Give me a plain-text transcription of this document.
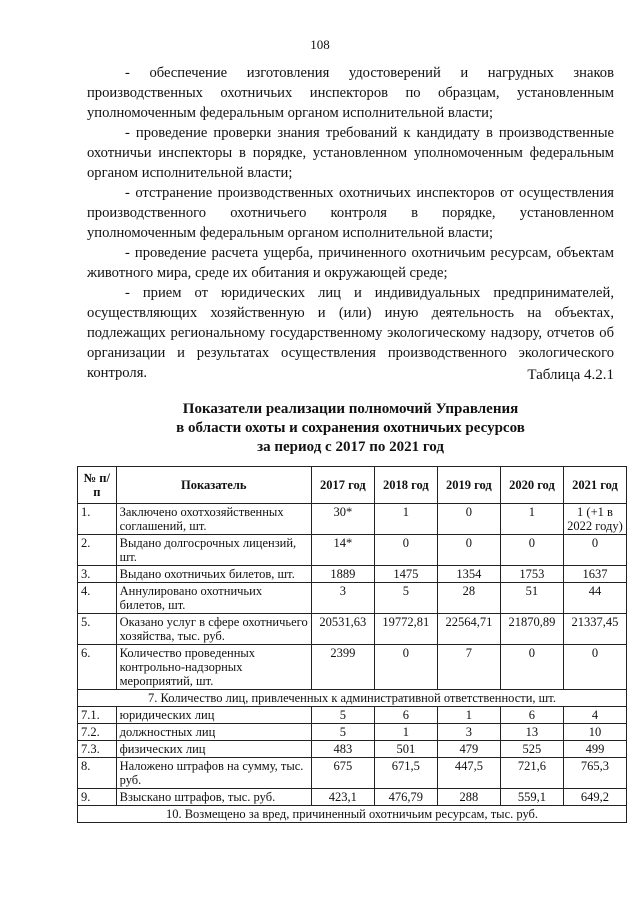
108

- обеспечение изготовления удостоверений и нагрудных знаков производственных охотничьих инспекторов по образцам, установленным уполномоченным федеральным органом исполнительной власти;

- проведение проверки знания требований к кандидату в производственные охотничьи инспекторы в порядке, установленном уполномоченным федеральным органом исполнительной власти;

- отстранение производственных охотничьих инспекторов от осуществления производственного охотничьего контроля в порядке, установленном уполномоченным федеральным органом исполнительной власти;

- проведение расчета ущерба, причиненного охотничьим ресурсам, объектам животного мира, среде их обитания и окружающей среде;

- прием от юридических лиц и индивидуальных предпринимателей, осуществляющих хозяйственную и (или) иную деятельность на объектах, подлежащих региональному государственному экологическому надзору, отчетов об организации и результатах осуществления производственного экологического контроля.	Таблица 4.2.1
Показатели реализации полномочий Управления
в области охоты и сохранения охотничьих ресурсов
за период с 2017 по 2021 год
№ п/п	Показатель	2017 год	2018 год	2019 год	2020 год	2021 год
1.	Заключено охотхозяйственных соглашений, шт.	30*	1	0	1	1 (+1 в 2022 году)
2.	Выдано долгосрочных лицензий, шт.	14*	0	0	0	0
3.	Выдано охотничьих билетов, шт.	1889	1475	1354	1753	1637
4.	Аннулировано охотничьих билетов, шт.	3	5	28	51	44
5.	Оказано услуг в сфере охотничьего хозяйства, тыс. руб.	20531,63	19772,81	22564,71	21870,89	21337,45
6.	Количество проведенных контрольно-надзорных мероприятий, шт.	2399	0	7	0	0
7. Количество лиц, привлеченных к административной ответственности, шт.						
7.1.	юридических лиц	5	6	1	6	4
7.2.	должностных лиц	5	1	3	13	10
7.3.	физических лиц	483	501	479	525	499
8.	Наложено штрафов на сумму, тыс. руб.	675	671,5	447,5	721,6	765,3
9.	Взыскано штрафов, тыс. руб.	423,1	476,79	288	559,1	649,2
10. Возмещено за вред, причиненный охотничьим ресурсам, тыс. руб.						
